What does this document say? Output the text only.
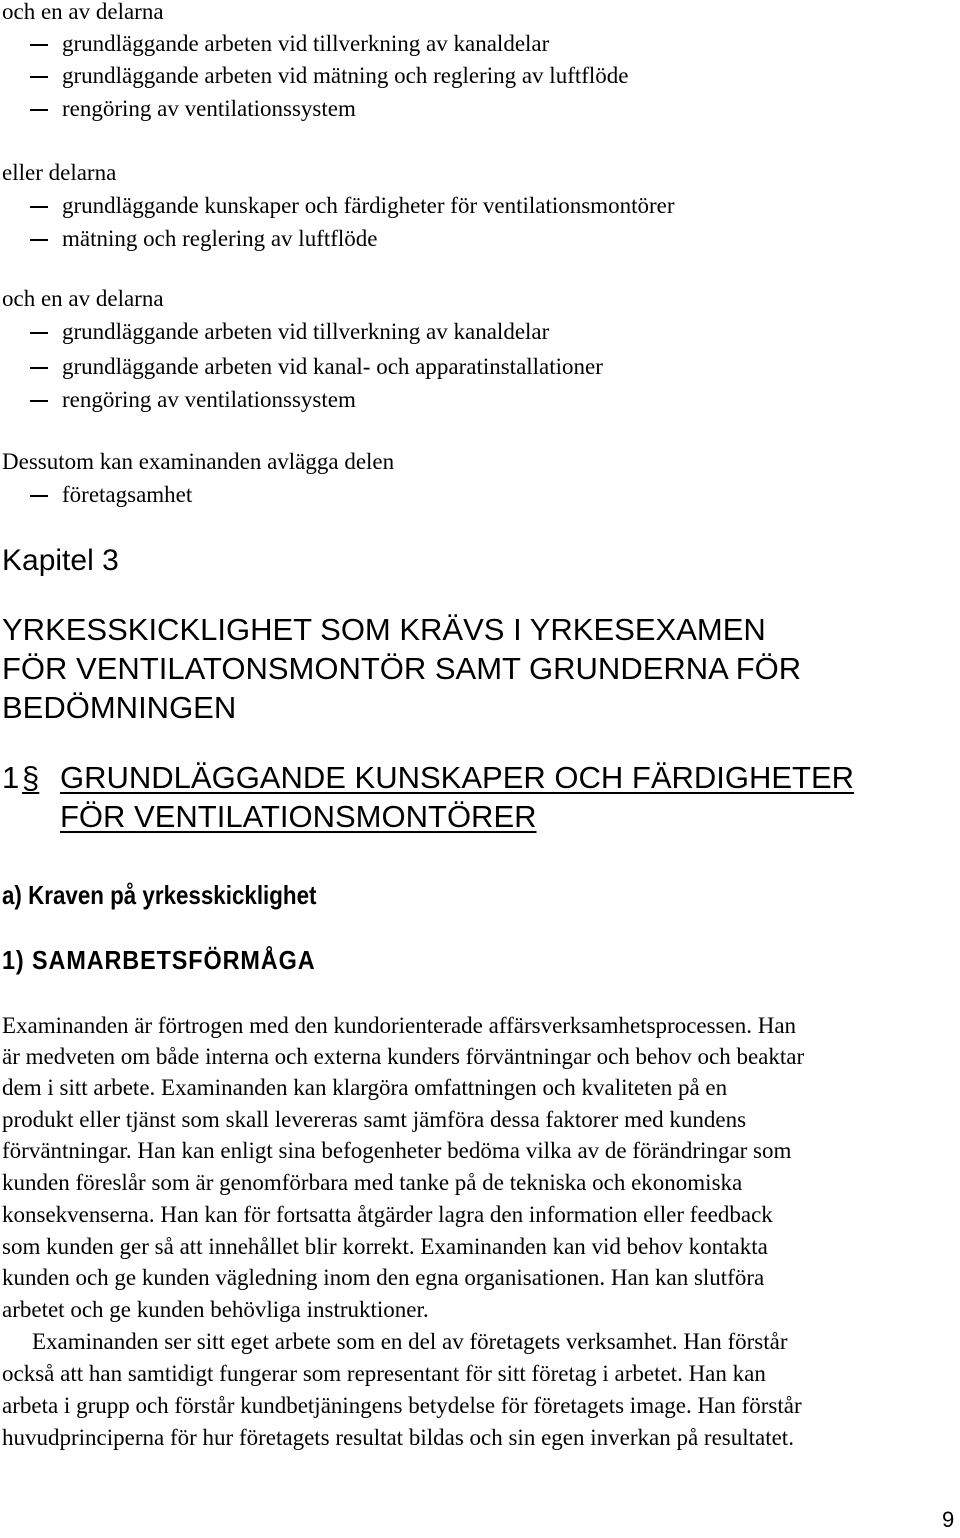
och en av delarna
grundläggande arbeten vid tillverkning av kanaldelar
grundläggande arbeten vid mätning och reglering av luftflöde
rengöring av ventilationssystem
eller delarna
grundläggande kunskaper och färdigheter för ventilationsmontörer
mätning och reglering av luftflöde
och en av delarna
grundläggande arbeten vid tillverkning av kanaldelar
grundläggande arbeten vid kanal- och apparatinstallationer
rengöring av ventilationssystem
Dessutom kan examinanden avlägga delen
företagsamhet
Kapitel 3
YRKESSKICKLIGHET SOM KRÄVS I YRKESEXAMEN
FÖR VENTILATONSMONTÖR SAMT GRUNDERNA FÖR
BEDÖMNINGEN
1 § GRUNDLÄGGANDE KUNSKAPER OCH FÄRDIGHETER
FÖR VENTILATIONSMONTÖRER
a) Kraven på yrkesskicklighet
1) SAMARBETSFÖRMÅGA
Examinanden är förtrogen med den kundorienterade affärsverksamhetsprocessen. Han
är medveten om både interna och externa kunders förväntningar och behov och beaktar
dem i sitt arbete. Examinanden kan klargöra omfattningen och kvaliteten på en
produkt eller tjänst som skall levereras samt jämföra dessa faktorer med kundens
förväntningar. Han kan enligt sina befogenheter bedöma vilka av de förändringar som
kunden föreslår som är genomförbara med tanke på de tekniska och ekonomiska
konsekvenserna. Han kan för fortsatta åtgärder lagra den information eller feedback
som kunden ger så att innehållet blir korrekt. Examinanden kan vid behov kontakta
kunden och ge kunden vägledning inom den egna organisationen. Han kan slutföra
arbetet och ge kunden behövliga instruktioner.
Examinanden ser sitt eget arbete som en del av företagets verksamhet. Han förstår
också att han samtidigt fungerar som representant för sitt företag i arbetet. Han kan
arbeta i grupp och förstår kundbetjäningens betydelse för företagets image. Han förstår
huvudprinciperna för hur företagets resultat bildas och sin egen inverkan på resultatet.
9
